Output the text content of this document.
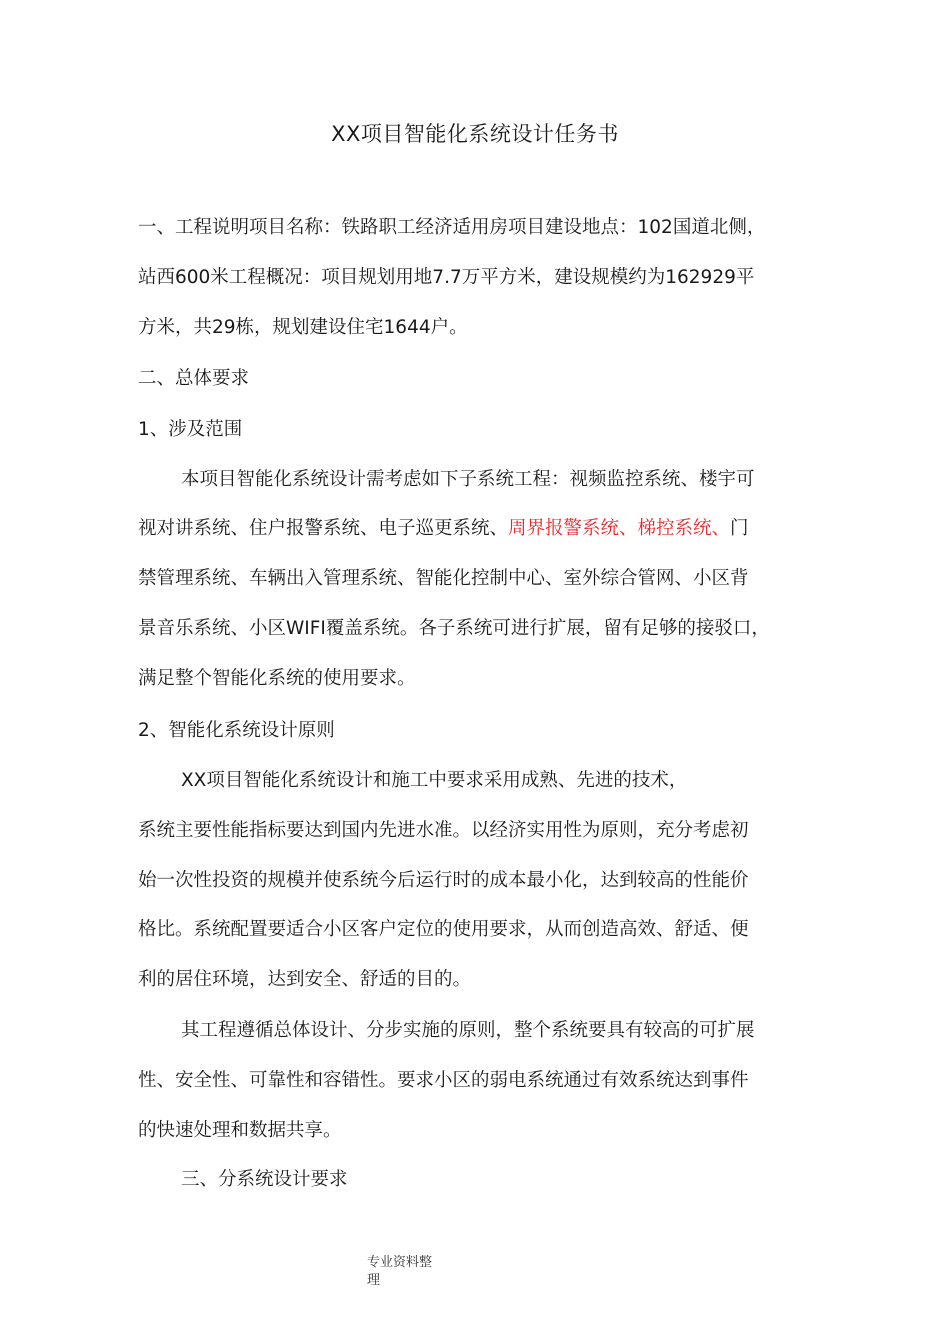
XX项目智能化系统设计任务书
一、工程说明项目名称：铁路职工经济适用房项目建设地点：102国道北侧，
站西600米工程概况：项目规划用地7.7万平方米，建设规模约为162929平
方米，共29栋，规划建设住宅1644户。
二、总体要求
1、涉及范围
本项目智能化系统设计需考虑如下子系统工程：视频监控系统、楼宇可
视对讲系统、住户报警系统、电子巡更系统、周界报警系统、梯控系统、门
禁管理系统、车辆出入管理系统、智能化控制中心、室外综合管网、小区背
景音乐系统、小区WIFI覆盖系统。各子系统可进行扩展，留有足够的接驳口，
满足整个智能化系统的使用要求。
2、智能化系统设计原则
XX项目智能化系统设计和施工中要求采用成熟、先进的技术，
系统主要性能指标要达到国内先进水准。以经济实用性为原则，充分考虑初
始一次性投资的规模并使系统今后运行时的成本最小化，达到较高的性能价
格比。系统配置要适合小区客户定位的使用要求，从而创造高效、舒适、便
利的居住环境，达到安全、舒适的目的。
其工程遵循总体设计、分步实施的原则，整个系统要具有较高的可扩展
性、安全性、可靠性和容错性。要求小区的弱电系统通过有效系统达到事件
的快速处理和数据共享。
三、分系统设计要求
专业资料整
理
